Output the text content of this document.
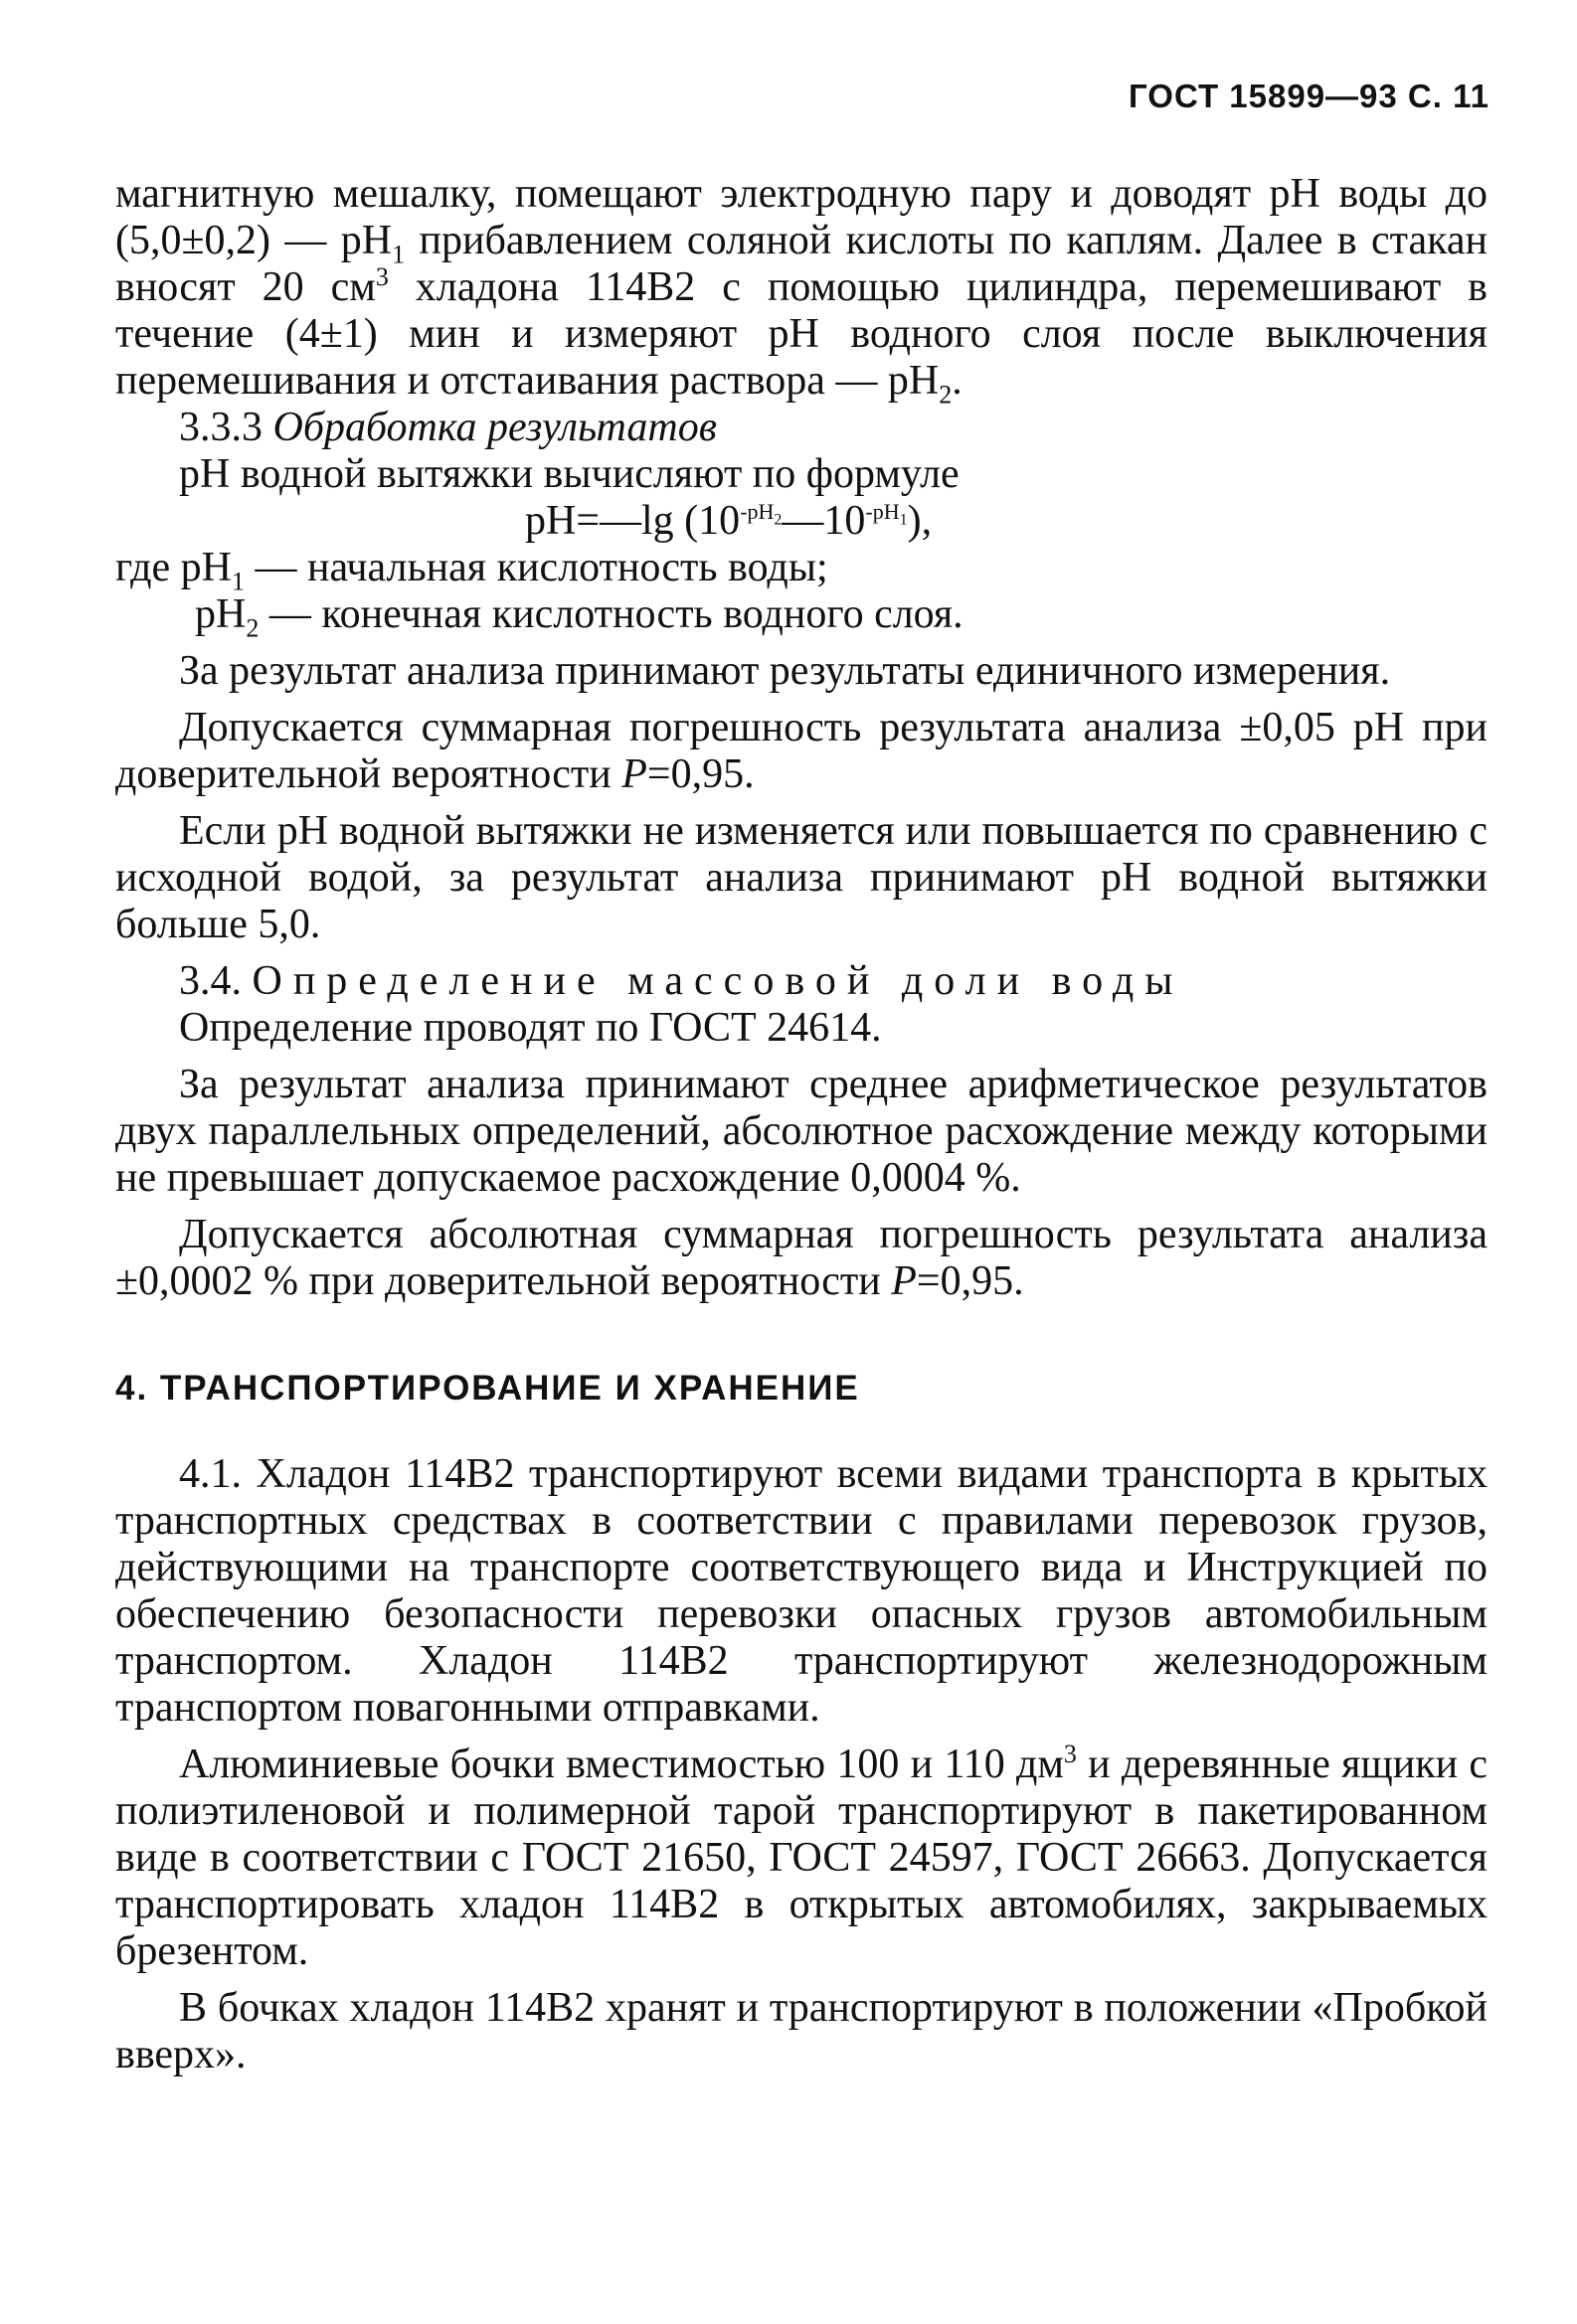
ГОСТ 15899—93 С. 11

магнитную мешалку, помещают электродную пару и доводят pH воды до (5,0±0,2) — $pH_1$ прибавлением соляной кислоты по каплям. Далее в стакан вносят 20 $см^3$ хладона 114В2 с помощью цилиндра, перемешивают в течение (4±1) мин и измеряют pH водного слоя после выключения перемешивания и отстаивания раствора — $pH_2$.

3.3.3 Обработка результатов

pH водной вытяжки вычисляют по формуле

pH=—lg $(10^{-pH_2}—10^{-pH_1})$,

где $pH_1$ — начальная кислотность воды;

$pH_2$ — конечная кислотность водного слоя.

За результат анализа принимают результаты единичного измерения.

Допускается суммарная погрешность результата анализа ±0,05 pH при доверительной вероятности P=0,95.

Если pH водной вытяжки не изменяется или повышается по сравнению с исходной водой, за результат анализа принимают pH водной вытяжки больше 5,0.

3.4. Определение массовой доли воды

Определение проводят по ГОСТ 24614.

За результат анализа принимают среднее арифметическое результатов двух параллельных определений, абсолютное расхождение между которыми не превышает допускаемое расхождение 0,0004 %.

Допускается абсолютная суммарная погрешность результата анализа ±0,0002 % при доверительной вероятности P=0,95.

4. ТРАНСПОРТИРОВАНИЕ И ХРАНЕНИЕ

4.1. Хладон 114В2 транспортируют всеми видами транспорта в крытых транспортных средствах в соответствии с правилами перевозок грузов, действующими на транспорте соответствующего вида и Инструкцией по обеспечению безопасности перевозки опасных грузов автомобильным транспортом. Хладон 114В2 транспортируют железнодорожным транспортом повагонными отправками.

Алюминиевые бочки вместимостью 100 и 110 $дм^3$ и деревянные ящики с полиэтиленовой и полимерной тарой транспортируют в пакетированном виде в соответствии с ГОСТ 21650, ГОСТ 24597, ГОСТ 26663. Допускается транспортировать хладон 114В2 в открытых автомобилях, закрываемых брезентом.

В бочках хладон 114В2 хранят и транспортируют в положении «Пробкой вверх».
